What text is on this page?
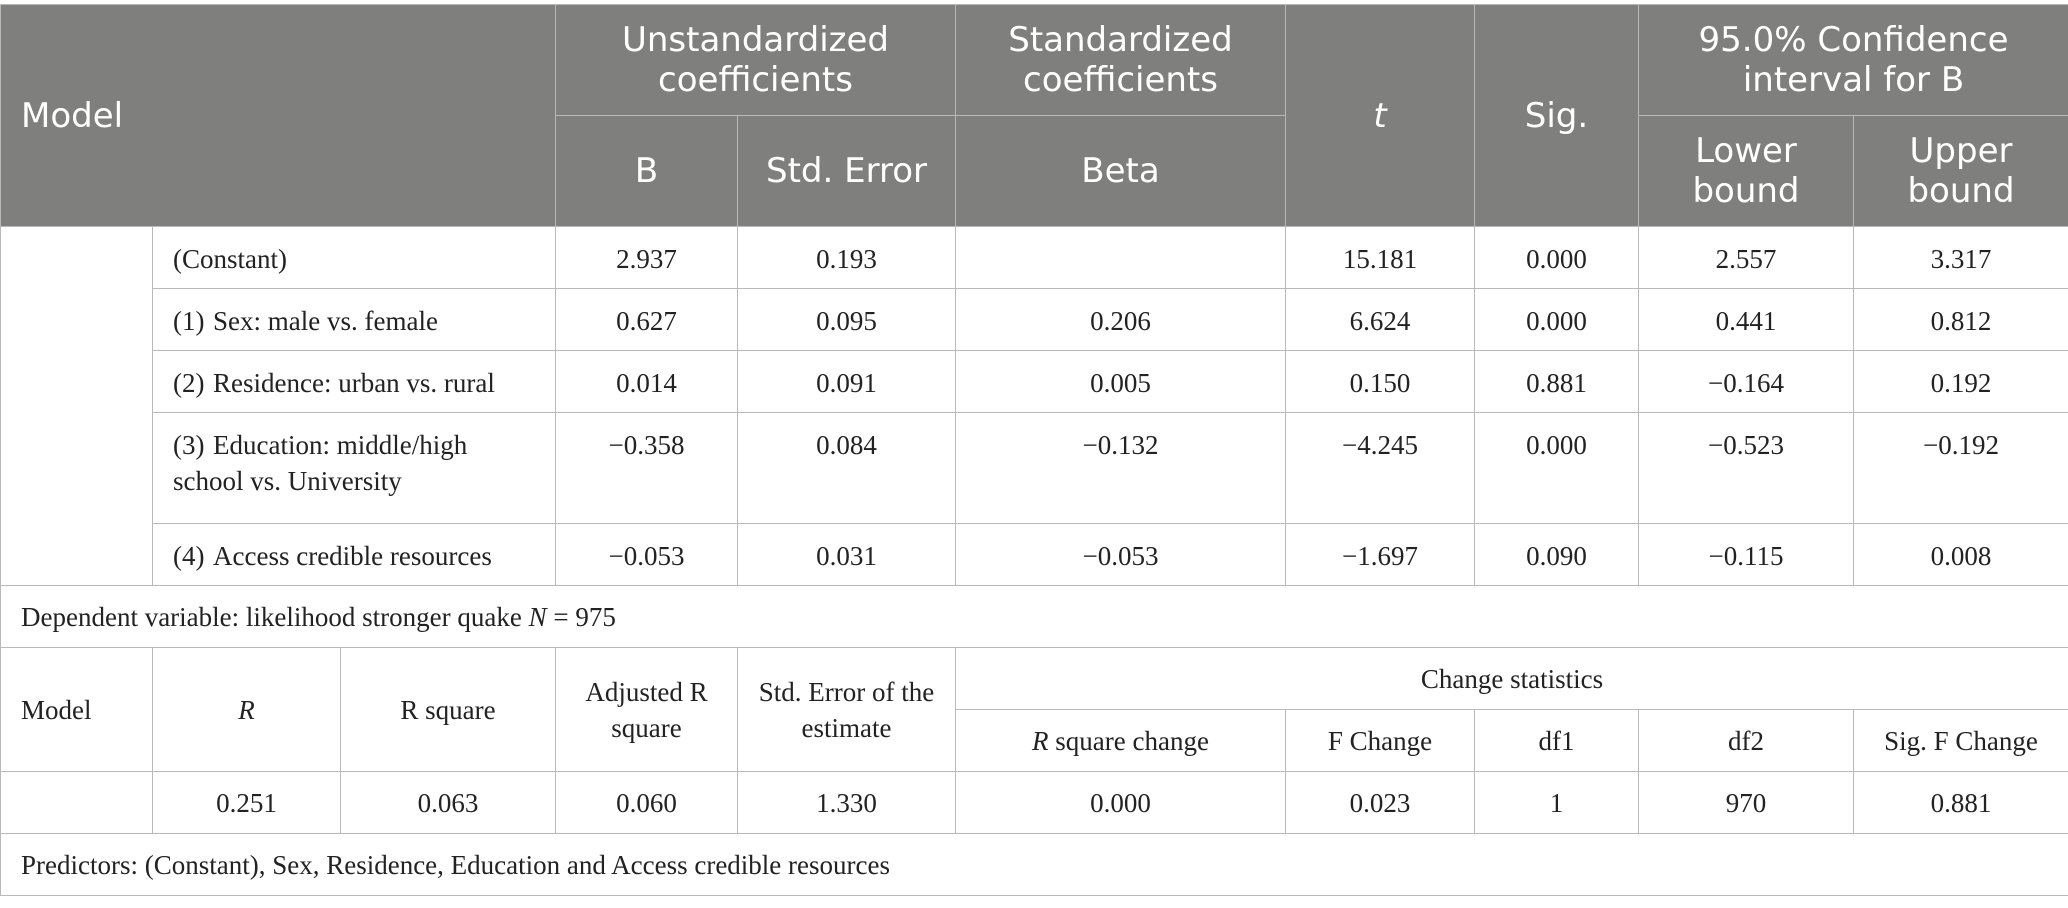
Model			Unstandardized coefficients		Standardized coefficients	t	Sig.	95.0% Confidence interval for B	
			B	Std. Error	Beta			Lower bound	Upper bound
	(Constant)		2.937	0.193		15.181	0.000	2.557	3.317
	(1) Sex: male vs. female		0.627	0.095	0.206	6.624	0.000	0.441	0.812
	(2) Residence: urban vs. rural		0.014	0.091	0.005	0.150	0.881	−0.164	0.192
	(3) Education: middle/high school vs. University		−0.358	0.084	−0.132	−4.245	0.000	−0.523	−0.192
	(4) Access credible resources		−0.053	0.031	−0.053	−1.697	0.090	−0.115	0.008
Dependent variable: likelihood stronger quake N = 975									
Model	R	R square	Adjusted R square	Std. Error of the estimate	Change statistics				
					R square change	F Change	df1	df2	Sig. F Change
	0.251	0.063	0.060	1.330	0.000	0.023	1	970	0.881
Predictors: (Constant), Sex, Residence, Education and Access credible resources									
